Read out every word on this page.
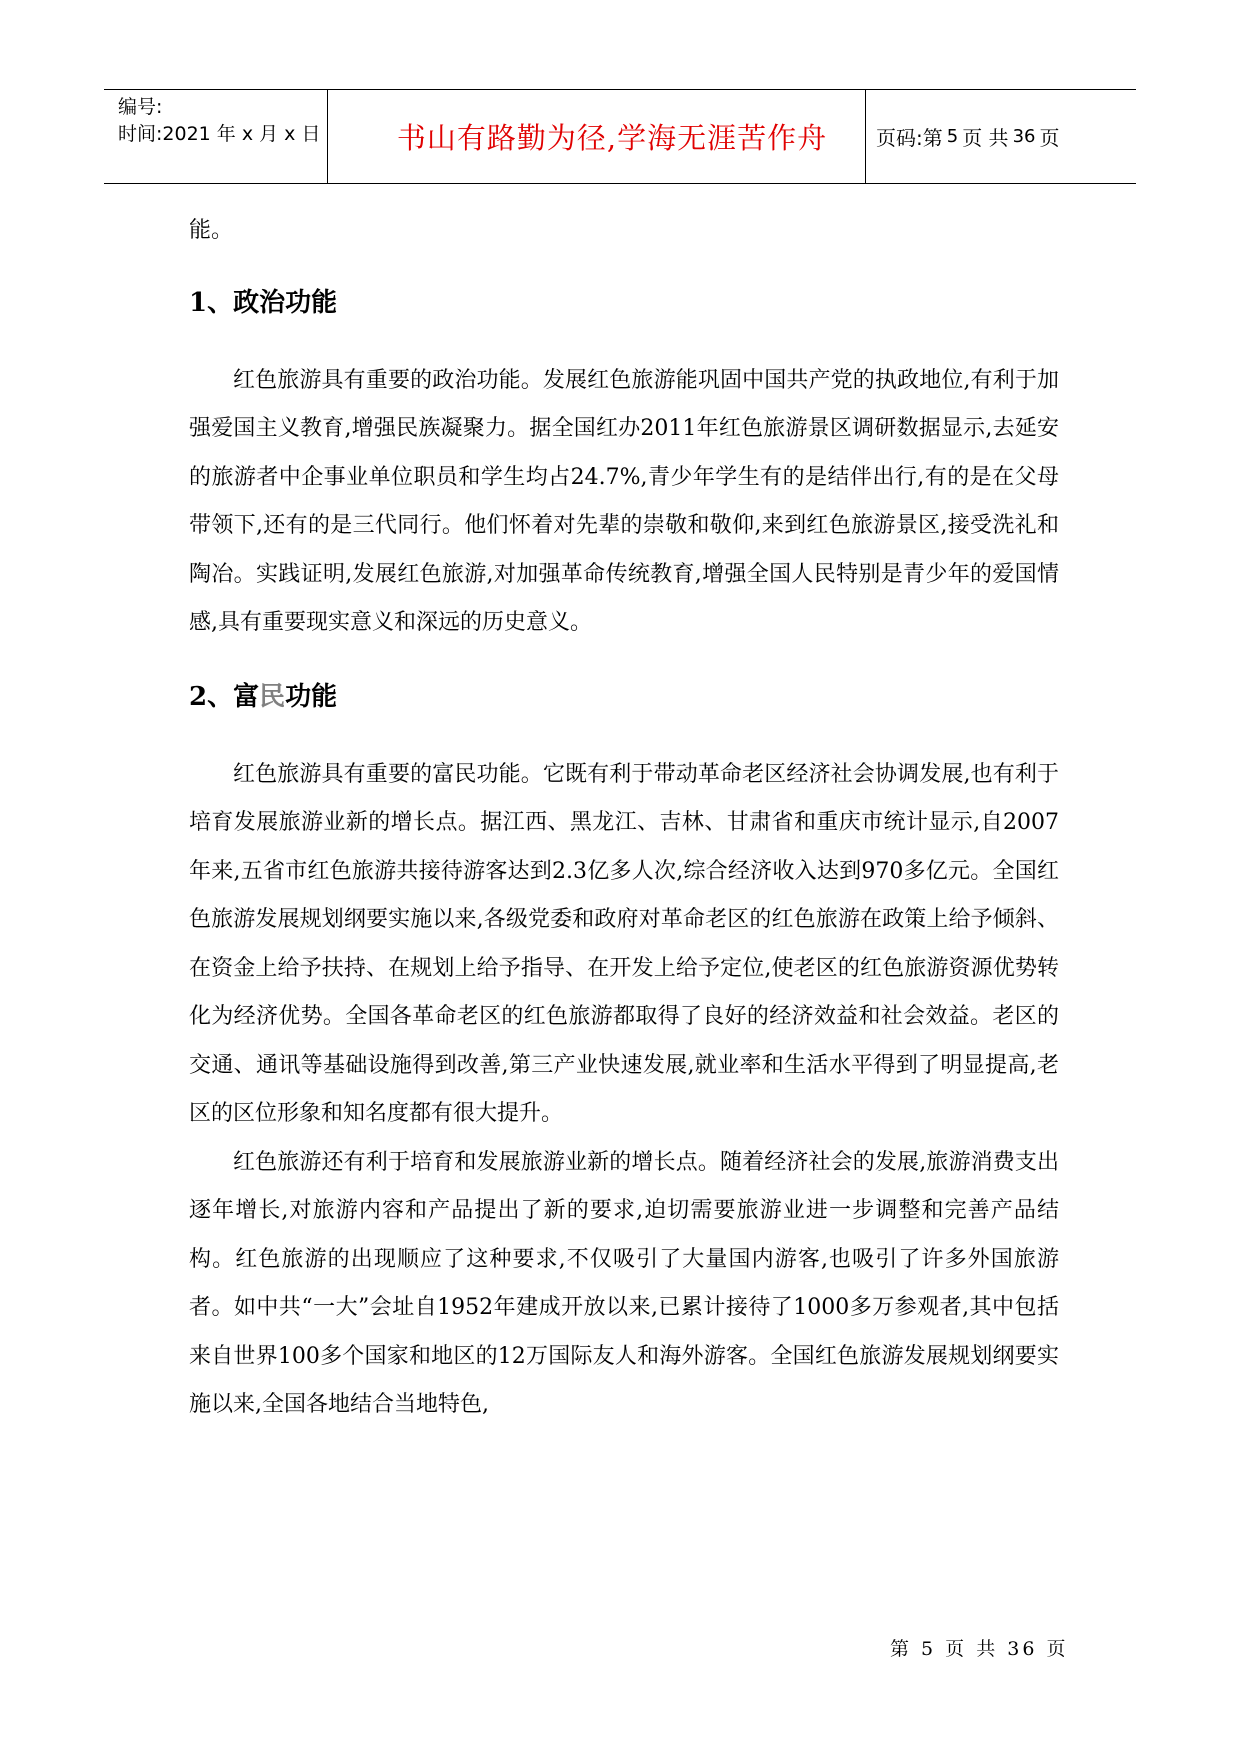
编号:
时间:2021 年 x 月 x 日	书山有路勤为径,学海无涯苦作舟	页码:第 5 页 共 36 页

能。

1、政治功能

红色旅游具有重要的政治功能。发展红色旅游能巩固中国共产党的执政地位,有利于加强爱国主义教育,增强民族凝聚力。据全国红办2011年红色旅游景区调研数据显示,去延安的旅游者中企事业单位职员和学生均占24.7%,青少年学生有的是结伴出行,有的是在父母带领下,还有的是三代同行。他们怀着对先辈的崇敬和敬仰,来到红色旅游景区,接受洗礼和陶冶。实践证明,发展红色旅游,对加强革命传统教育,增强全国人民特别是青少年的爱国情感,具有重要现实意义和深远的历史意义。

2、富民功能

红色旅游具有重要的富民功能。它既有利于带动革命老区经济社会协调发展,也有利于培育发展旅游业新的增长点。据江西、黑龙江、吉林、甘肃省和重庆市统计显示,自2007年来,五省市红色旅游共接待游客达到2.3亿多人次,综合经济收入达到970多亿元。全国红色旅游发展规划纲要实施以来,各级党委和政府对革命老区的红色旅游在政策上给予倾斜、在资金上给予扶持、在规划上给予指导、在开发上给予定位,使老区的红色旅游资源优势转化为经济优势。全国各革命老区的红色旅游都取得了良好的经济效益和社会效益。老区的交通、通讯等基础设施得到改善,第三产业快速发展,就业率和生活水平得到了明显提高,老区的区位形象和知名度都有很大提升。

红色旅游还有利于培育和发展旅游业新的增长点。随着经济社会的发展,旅游消费支出逐年增长,对旅游内容和产品提出了新的要求,迫切需要旅游业进一步调整和完善产品结构。红色旅游的出现顺应了这种要求,不仅吸引了大量国内游客,也吸引了许多外国旅游者。如中共“一大”会址自1952年建成开放以来,已累计接待了1000多万参观者,其中包括来自世界100多个国家和地区的12万国际友人和海外游客。全国红色旅游发展规划纲要实施以来,全国各地结合当地特色,

第 5 页 共 36 页
